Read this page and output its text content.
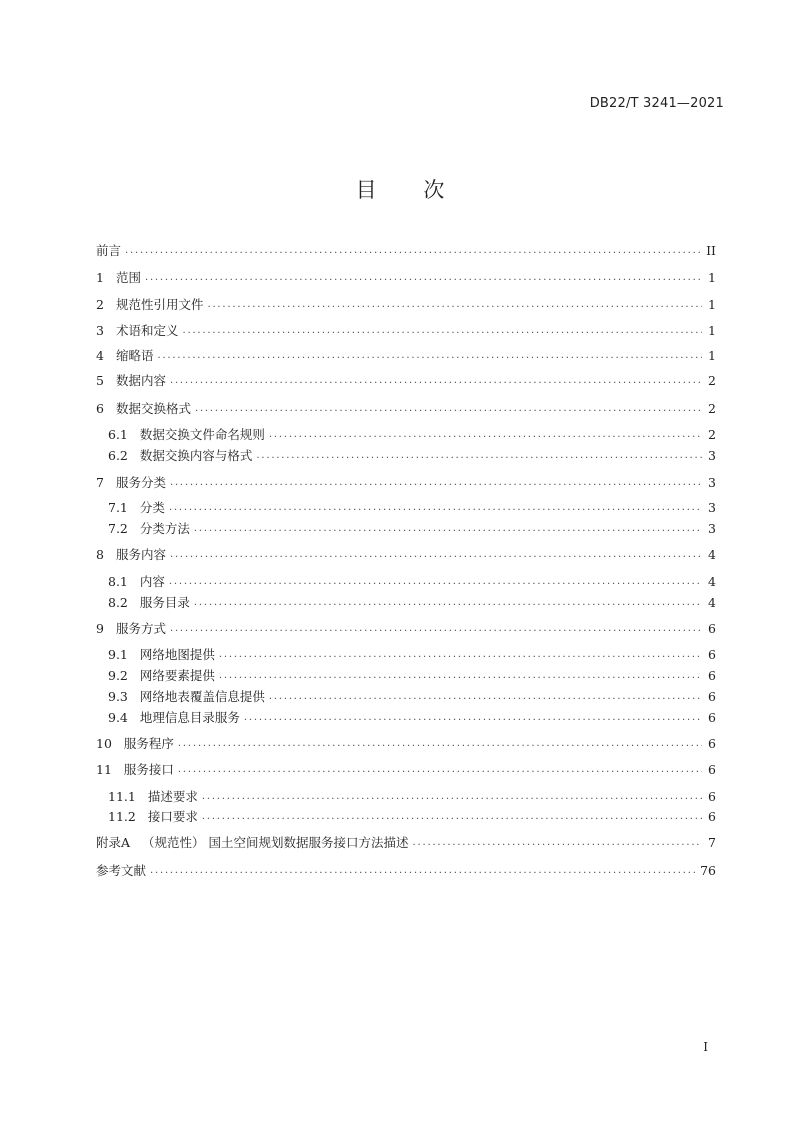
DB22/T 3241—2021
目 次
前言 .....	II
1 范围 .....	1
2 规范性引用文件 .....	1
3 术语和定义 .....	1
4 缩略语 .....	1
5 数据内容 .....	2
6 数据交换格式 .....	2
6.1 数据交换文件命名规则 .....	2
6.2 数据交换内容与格式 .....	3
7 服务分类 .....	3
7.1 分类 .....	3
7.2 分类方法 .....	3
8 服务内容 .....	4
8.1 内容 .....	4
8.2 服务目录 .....	4
9 服务方式 .....	6
9.1 网络地图提供 .....	6
9.2 网络要素提供 .....	6
9.3 网络地表覆盖信息提供 .....	6
9.4 地理信息目录服务 .....	6
10 服务程序 .....	6
11 服务接口 .....	6
11.1 描述要求 .....	6
11.2 接口要求 .....	6
附录A （规范性） 国土空间规划数据服务接口方法描述 .....	7
参考文献 .....	76
I
